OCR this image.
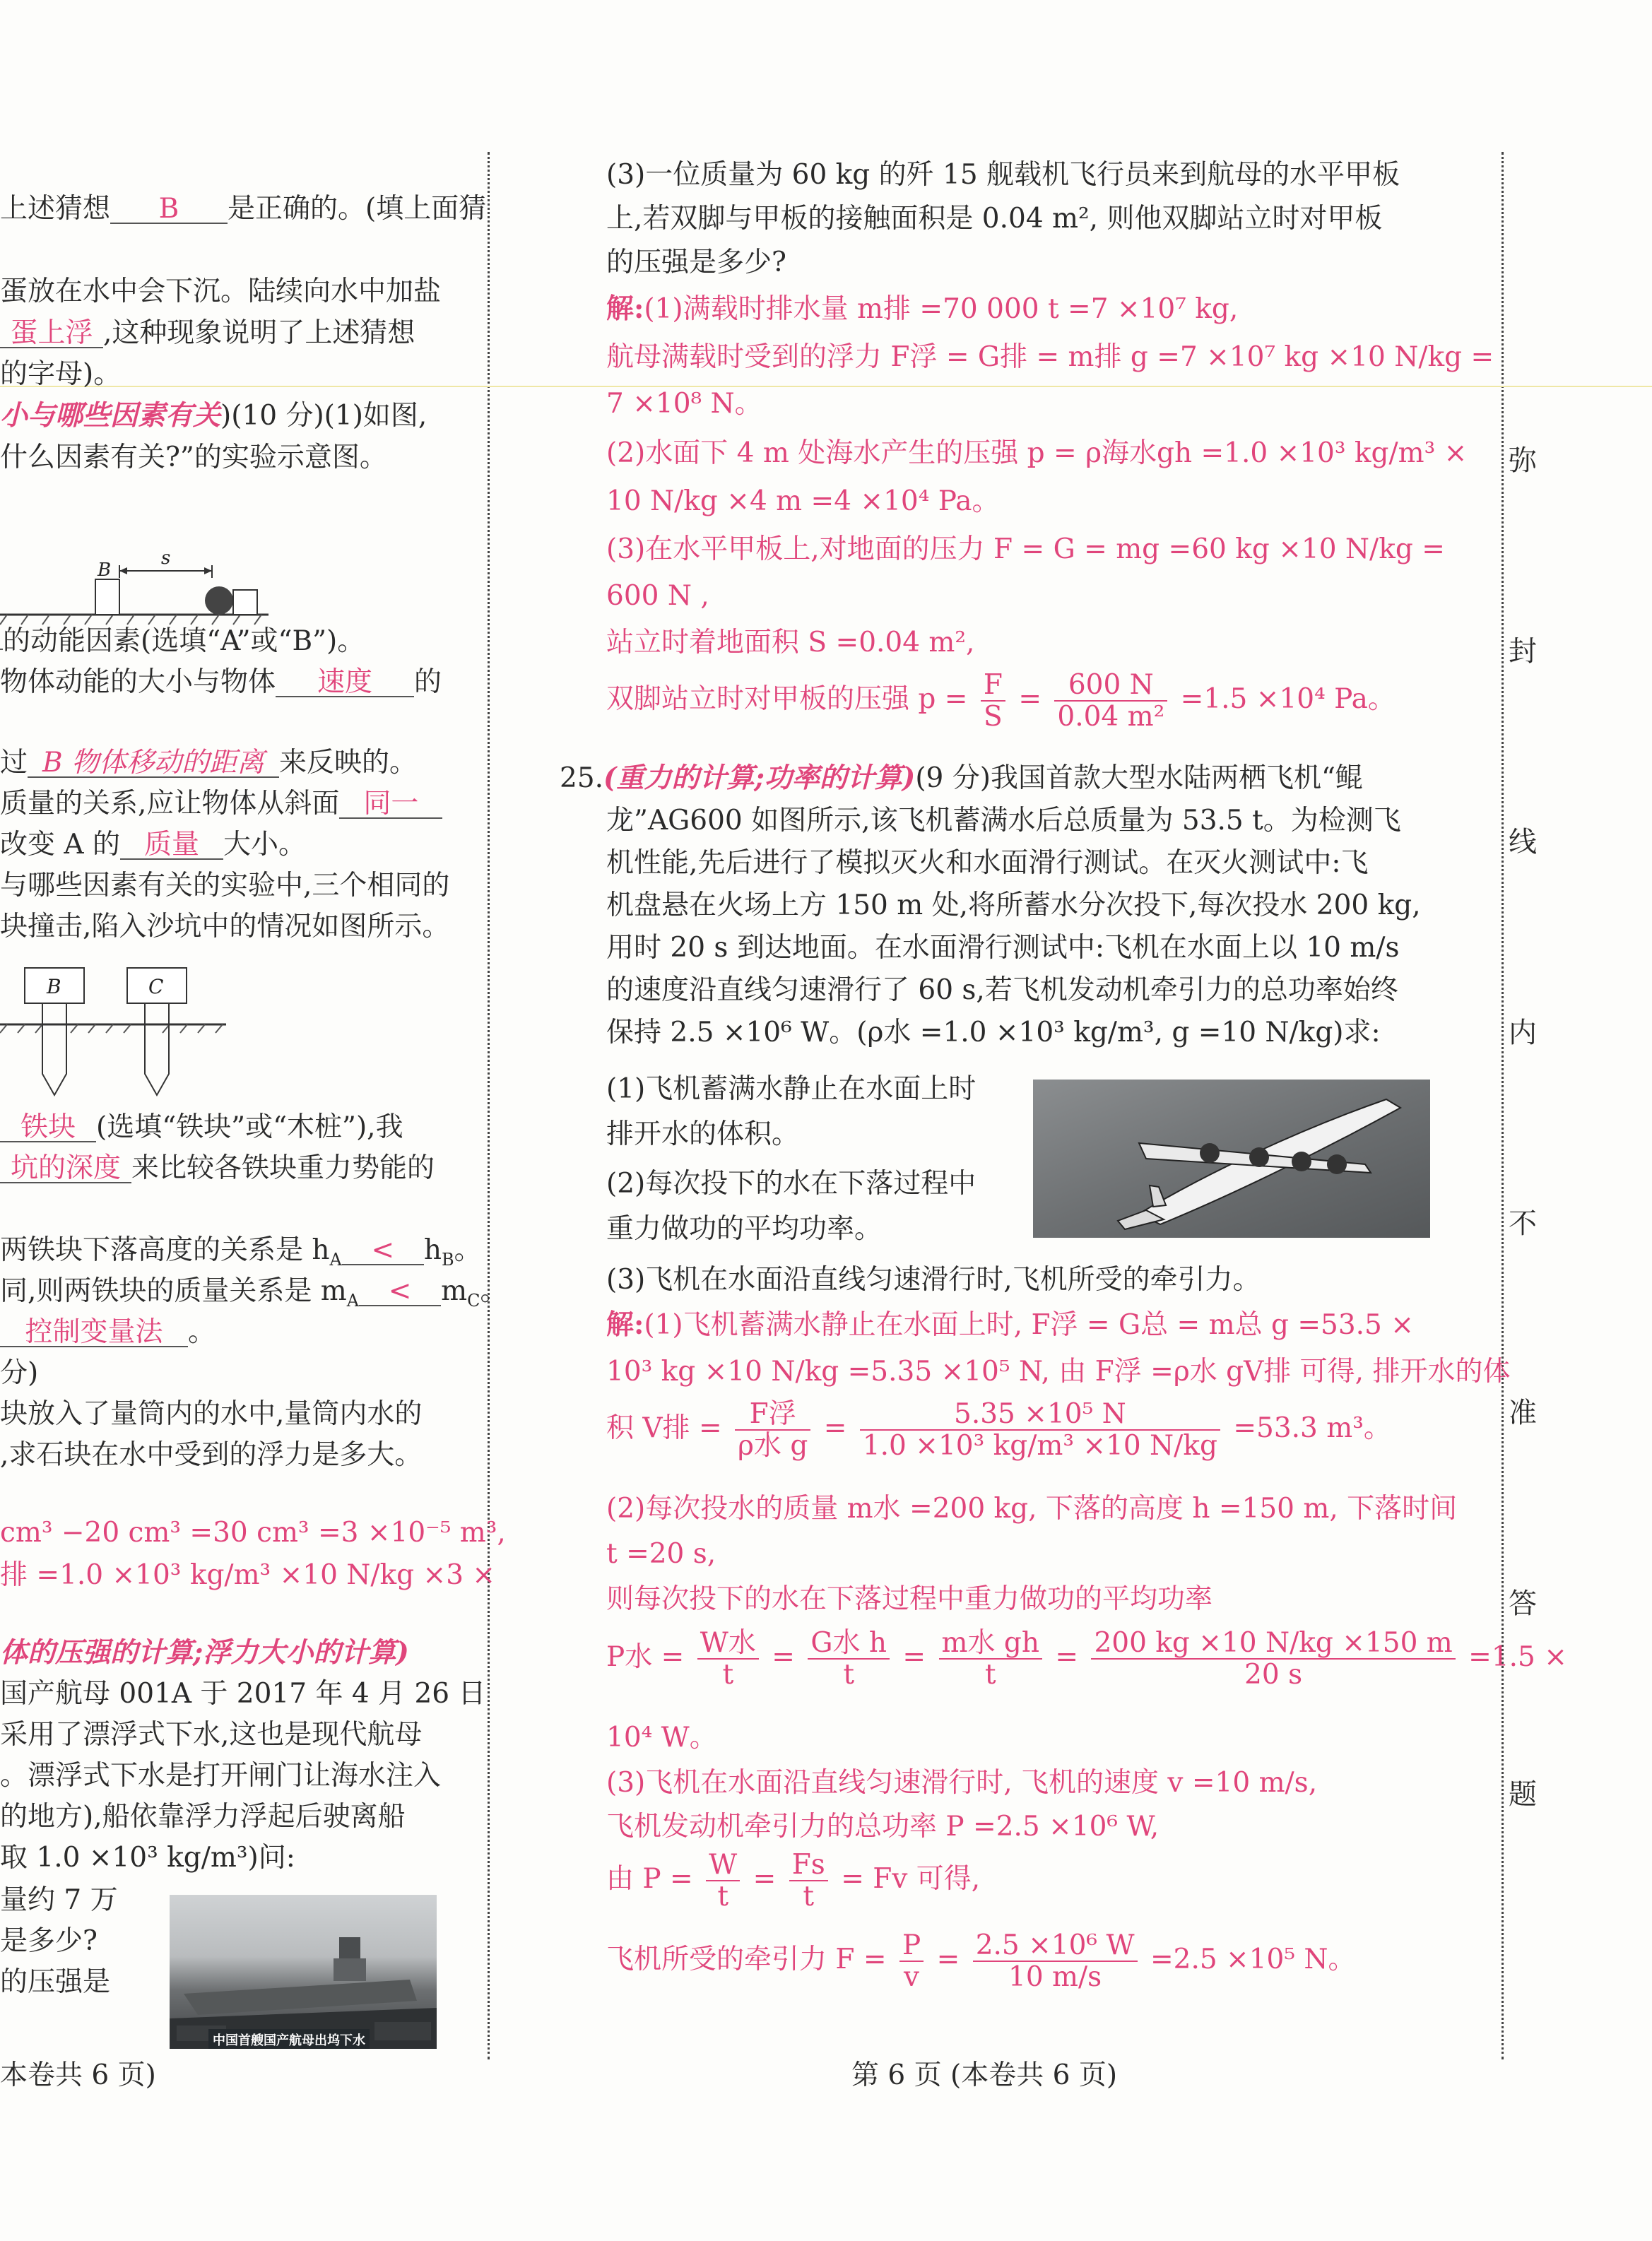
上述猜想 B 是正确的。(填上面猜
蛋放在水中会下沉。陆续向水中加盐
蛋上浮 ,这种现象说明了上述猜想
的字母)。
小与哪些因素有关)(10 分)(1)如图,
什么因素有关?”的实验示意图。
B
s
的动能因素(选填“A”或“B”)。
物体动能的大小与物体 速度 的
过 B 物体移动的距离 来反映的。
质量的关系,应让物体从斜面 同一
改变 A 的 质量 大小。
与哪些因素有关的实验中,三个相同的
块撞击,陷入沙坑中的情况如图所示。
B	C
铁块 (选填“铁块”或“木桩”),我
坑的深度 来比较各铁块重力势能的
两铁块下落高度的关系是 $h_A < h_B$。
同,则两铁块的质量关系是 $m_A < m_C$。
控制变量法 。
分)
块放入了量筒内的水中,量筒内水的
,求石块在水中受到的浮力是多大。
cm³ −20 cm³ =30 cm³ =3 ×10⁻⁵ m³,
排 =1.0 ×10³ kg/m³ ×10 N/kg ×3 ×
体的压强的计算;浮力大小的计算)
国产航母 001A 于 2017 年 4 月 26 日
采用了漂浮式下水,这也是现代航母
。漂浮式下水是打开闸门让海水注入
的地方),船依靠浮力浮起后驶离船
取 1.0 ×10³ kg/m³)问:
量约 7 万
是多少?
的压强是
中国首艘国产航母出坞下水
本卷共 6 页)
(3)一位质量为 60 kg 的歼 15 舰载机飞行员来到航母的水平甲板
上,若双脚与甲板的接触面积是 0.04 m², 则他双脚站立时对甲板
的压强是多少?
解:(1)满载时排水量 m排 =70 000 t =7 ×10⁷ kg,
航母满载时受到的浮力 F浮 = G排 = m排 g =7 ×10⁷ kg ×10 N/kg =
7 ×10⁸ N。
(2)水面下 4 m 处海水产生的压强 p = ρ海水gh =1.0 ×10³ kg/m³ ×
10 N/kg ×4 m =4 ×10⁴ Pa。
(3)在水平甲板上,对地面的压力 F = G = mg =60 kg ×10 N/kg =
600 N ,
站立时着地面积 S =0.04 m²,
双脚站立时对甲板的压强 $p = \frac{F}{S} = \frac{600 N}{\text{0.04 m²}} =1.5 \times 10^4$ Pa。
25.(重力的计算;功率的计算)(9 分)我国首款大型水陆两栖飞机“鲲
龙”AG600 如图所示,该飞机蓄满水后总质量为 53.5 t。为检测飞
机性能,先后进行了模拟灭火和水面滑行测试。在灭火测试中:飞
机盘悬在火场上方 150 m 处,将所蓄水分次投下,每次投水 200 kg,
用时 20 s 到达地面。在水面滑行测试中:飞机在水面上以 10 m/s
的速度沿直线匀速滑行了 60 s,若飞机发动机牵引力的总功率始终
保持 2.5 ×10⁶ W。(ρ水 =1.0 ×10³ kg/m³, g =10 N/kg)求:
(1)飞机蓄满水静止在水面上时
排开水的体积。
(2)每次投下的水在下落过程中
重力做功的平均功率。
(3)飞机在水面沿直线匀速滑行时,飞机所受的牵引力。
解:(1)飞机蓄满水静止在水面上时, F浮 = G总 = m总 g =53.5 ×
10³ kg ×10 N/kg =5.35 ×10⁵ N, 由 F浮 =ρ水 gV排 可得, 排开水的体
积 V排 = $\frac{\text{F浮}}{\text{ρ水 g}} = \frac{\text{5.35 ×10⁵ N}}{\text{1.0 ×10³ kg/m³ ×10 N/kg}} =53.3$ m³。
(2)每次投水的质量 m水 =200 kg, 下落的高度 h =150 m, 下落时间
t =20 s,
则每次投下的水在下落过程中重力做功的平均功率
P水 = $\frac{\text{W水}}{t} = \frac{\text{G水 h}}{t} = \frac{\text{m水 gh}}{t} = \frac{200 kg \times 10 N/kg \times 150 m}{20 s} =1.5$ ×
10⁴ W。
(3)飞机在水面沿直线匀速滑行时, 飞机的速度 v =10 m/s,
飞机发动机牵引力的总功率 P =2.5 ×10⁶ W,
由 $P = \frac{W}{t} = \frac{Fs}{t} = Fv$ 可得,
飞机所受的牵引力 $F = \frac{P}{v} = \frac{\text{2.5 ×10⁶ W}}{10 m/s} =2.5 \times 10^5$ N。
第 6 页 (本卷共 6 页)
弥
封
线
内
不
准
答
题
